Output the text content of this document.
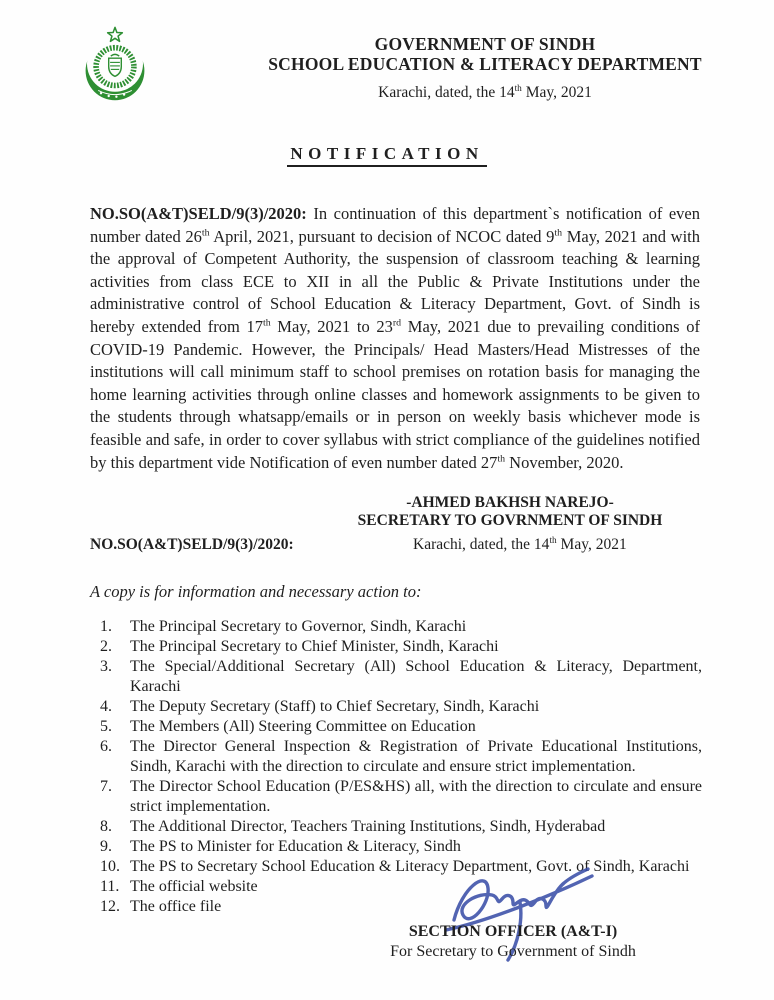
GOVERNMENT OF SINDH
SCHOOL EDUCATION & LITERACY DEPARTMENT
Karachi, dated, the 14th May, 2021
NOTIFICATION
NO.SO(A&T)SELD/9(3)/2020: In continuation of this department`s notification of even number dated 26th April, 2021, pursuant to decision of NCOC dated 9th May, 2021 and with the approval of Competent Authority, the suspension of classroom teaching & learning activities from class ECE to XII in all the Public & Private Institutions under the administrative control of School Education & Literacy Department, Govt. of Sindh is hereby extended from 17th May, 2021 to 23rd May, 2021 due to prevailing conditions of COVID-19 Pandemic. However, the Principals/ Head Masters/Head Mistresses of the institutions will call minimum staff to school premises on rotation basis for managing the home learning activities through online classes and homework assignments to be given to the students through whatsapp/emails or in person on weekly basis whichever mode is feasible and safe, in order to cover syllabus with strict compliance of the guidelines notified by this department vide Notification of even number dated 27th November, 2020.
-AHMED BAKHSH NAREJO-
SECRETARY TO GOVRNMENT OF SINDH
NO.SO(A&T)SELD/9(3)/2020:	Karachi, dated, the 14th May, 2021
A copy is for information and necessary action to:
1.	The Principal Secretary to Governor, Sindh, Karachi
2.	The Principal Secretary to Chief Minister, Sindh, Karachi
3.	The Special/Additional Secretary (All) School Education & Literacy, Department, Karachi
4.	The Deputy Secretary (Staff) to Chief Secretary, Sindh, Karachi
5.	The Members (All) Steering Committee on Education
6.	The Director General Inspection & Registration of Private Educational Institutions, Sindh, Karachi with the direction to circulate and ensure strict implementation.
7.	The Director School Education (P/ES&HS) all, with the direction to circulate and ensure strict implementation.
8.	The Additional Director, Teachers Training Institutions, Sindh, Hyderabad
9.	The PS to Minister for Education & Literacy, Sindh
10. The PS to Secretary School Education & Literacy Department, Govt. of Sindh, Karachi
11. The official website
12. The office file
SECTION OFFICER (A&T-I)
For Secretary to Government of Sindh
